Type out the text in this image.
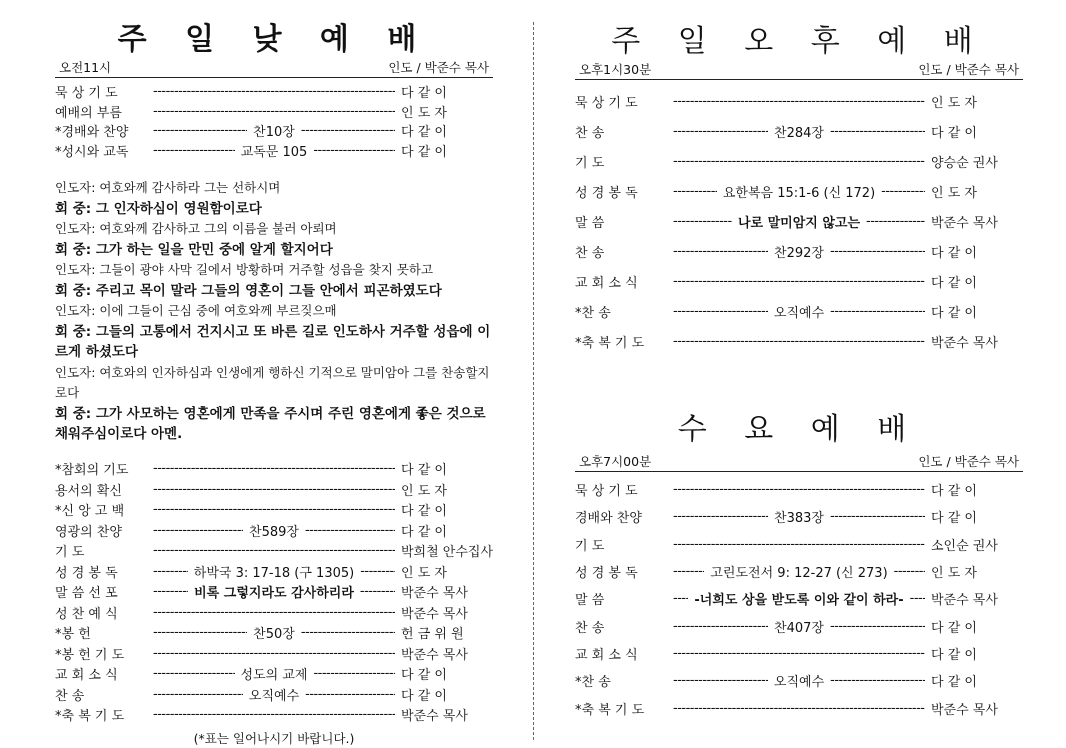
주 일 낮 예 배
오전11시	인도 / 박준수 목사
묵 상 기 도 -----	다 같 이
예배의 부름 -----	인 도 자
*경배와 찬양 -----	찬10장 -----	다 같 이
*성시와 교독 -----	교독문 105 -----	다 같 이
인도자: 여호와께 감사하라 그는 선하시며
회 중: 그 인자하심이 영원함이로다
인도자: 여호와께 감사하고 그의 이름을 불러 아뢰며
회 중: 그가 하는 일을 만민 중에 알게 할지어다
인도자: 그들이 광야 사막 길에서 방황하며 거주할 성읍을 찾지 못하고
회 중: 주리고 목이 말라 그들의 영혼이 그들 안에서 피곤하였도다
인도자: 이에 그들이 근심 중에 여호와께 부르짖으매
회 중: 그들의 고통에서 건지시고 또 바른 길로 인도하사 거주할 성읍에 이르게 하셨도다
인도자: 여호와의 인자하심과 인생에게 행하신 기적으로 말미암아 그를 찬송할지로다
회 중: 그가 사모하는 영혼에게 만족을 주시며 주린 영혼에게 좋은 것으로 채워주심이로다 아멘.
*참회의 기도 -----	다 같 이
용서의 확신 -----	인 도 자
*신 앙 고 백 -----	다 같 이
영광의 찬양 -----	찬589장 -----	다 같 이
기 도 -----	박희철 안수집사
성 경 봉 독 -----	하박국 3: 17-18 (구 1305) -----	인 도 자
말 씀 선 포 -----	비록 그렇지라도 감사하리라 -----	박준수 목사
성 찬 예 식 -----	박준수 목사
*봉 헌 -----	찬50장 -----	헌 금 위 원
*봉 헌 기 도 -----	박준수 목사
교 회 소 식 -----	성도의 교제 -----	다 같 이
찬 송 -----	오직예수 -----	다 같 이
*축 복 기 도 -----	박준수 목사
(*표는 일어나시기 바랍니다.)
주 일 오 후 예 배
오후1시30분	인도 / 박준수 목사
묵 상 기 도 -----	인 도 자
찬 송 -----	찬284장 -----	다 같 이
기 도 -----	양승순 권사
성 경 봉 독 -----	요한복음 15:1-6 (신 172) -----	인 도 자
말 씀 -----	나로 말미암지 않고는 -----	박준수 목사
찬 송 -----	찬292장 -----	다 같 이
교 회 소 식 -----	다 같 이
*찬 송 -----	오직예수 -----	다 같 이
*축 복 기 도 -----	박준수 목사
수 요 예 배
오후7시00분	인도 / 박준수 목사
묵 상 기 도 -----	다 같 이
경배와 찬양 -----	찬383장 -----	다 같 이
기 도 -----	소인순 권사
성 경 봉 독 -----	고린도전서 9: 12-27 (신 273) -----	인 도 자
말 씀 -----	-너희도 상을 받도록 이와 같이 하라- -----	박준수 목사
찬 송 -----	찬407장 -----	다 같 이
교 회 소 식 -----	다 같 이
*찬 송 -----	오직예수 -----	다 같 이
*축 복 기 도 -----	박준수 목사
